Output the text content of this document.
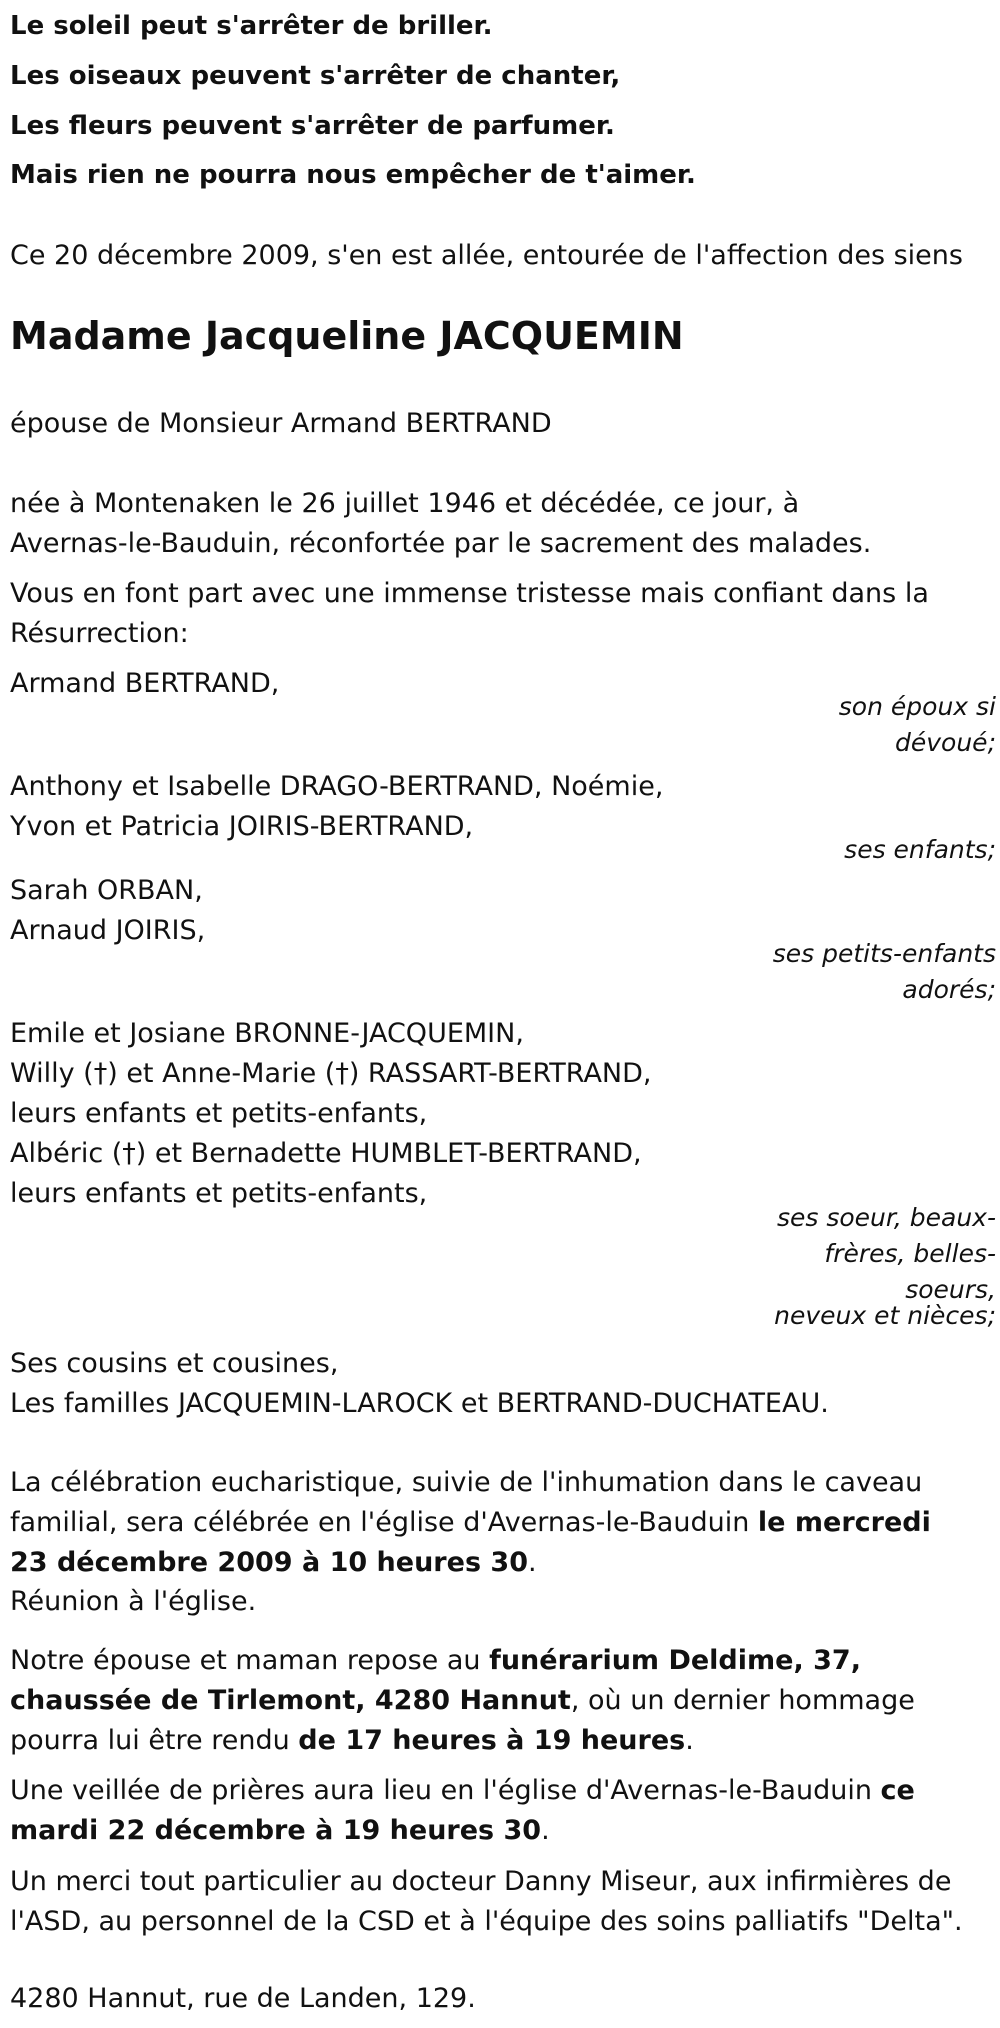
Le soleil peut s'arrêter de briller.

Les oiseaux peuvent s'arrêter de chanter,

Les fleurs peuvent s'arrêter de parfumer.

Mais rien ne pourra nous empêcher de t'aimer.

Ce 20 décembre 2009, s'en est allée, entourée de l'affection des siens

Madame Jacqueline JACQUEMIN

épouse de Monsieur Armand BERTRAND

née à Montenaken le 26 juillet 1946 et décédée, ce jour, à Avernas-le-Bauduin, réconfortée par le sacrement des malades.

Vous en font part avec une immense tristesse mais confiant dans la Résurrection:

Armand BERTRAND,

son époux si dévoué;

Anthony et Isabelle DRAGO-BERTRAND, Noémie,

Yvon et Patricia JOIRIS-BERTRAND,

ses enfants;

Sarah ORBAN,

Arnaud JOIRIS,

ses petits-enfants adorés;

Emile et Josiane BRONNE-JACQUEMIN,

Willy (†) et Anne-Marie (†) RASSART-BERTRAND,

leurs enfants et petits-enfants,

Albéric (†) et Bernadette HUMBLET-BERTRAND,

leurs enfants et petits-enfants,

ses soeur, beaux-frères, belles-soeurs,

neveux et nièces;

Ses cousins et cousines,

Les familles JACQUEMIN-LAROCK et BERTRAND-DUCHATEAU.

La célébration eucharistique, suivie de l'inhumation dans le caveau familial, sera célébrée en l'église d'Avernas-le-Bauduin le mercredi 23 décembre 2009 à 10 heures 30.

Réunion à l'église.

Notre épouse et maman repose au funérarium Deldime, 37, chaussée de Tirlemont, 4280 Hannut, où un dernier hommage pourra lui être rendu de 17 heures à 19 heures.

Une veillée de prières aura lieu en l'église d'Avernas-le-Bauduin ce mardi 22 décembre à 19 heures 30.

Un merci tout particulier au docteur Danny Miseur, aux infirmières de l'ASD, au personnel de la CSD et à l'équipe des soins palliatifs "Delta".

4280 Hannut, rue de Landen, 129.
